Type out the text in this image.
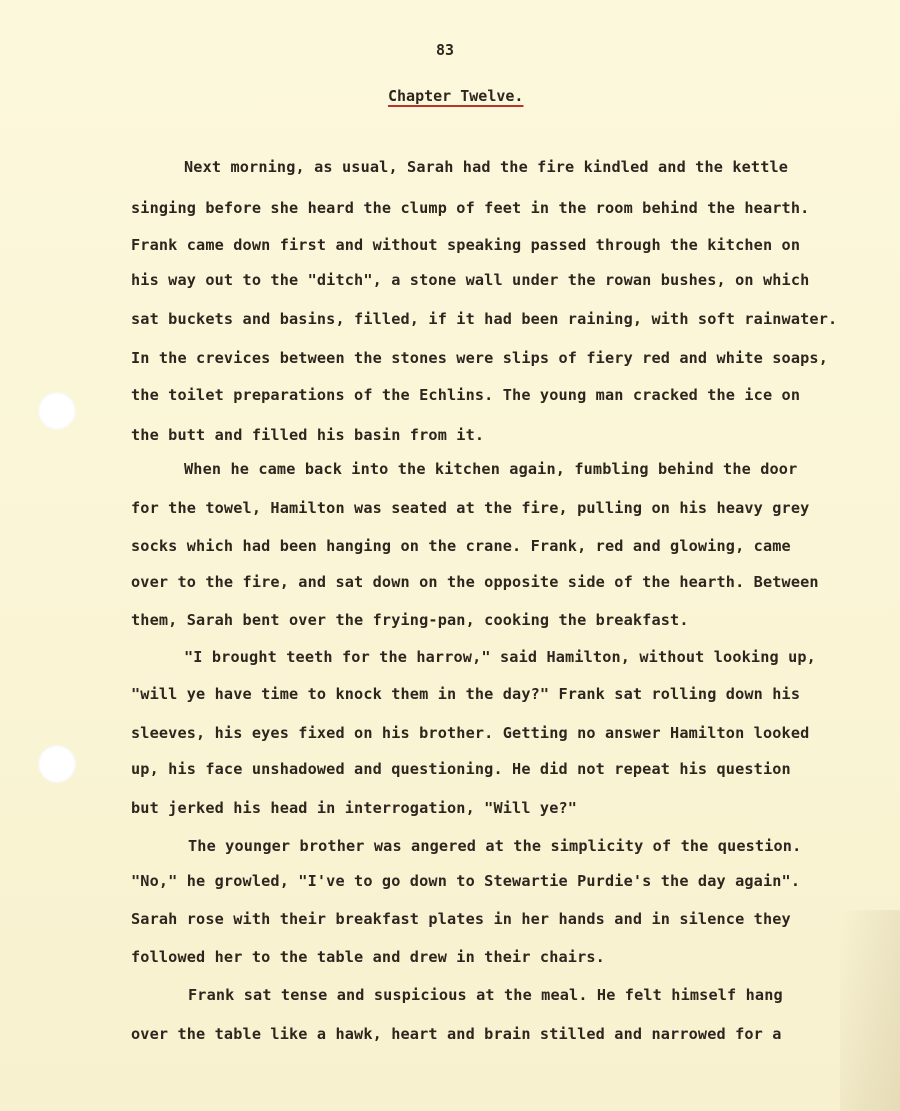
83
Chapter Twelve.
Next morning, as usual, Sarah had the fire kindled and the kettle
singing before she heard the clump of feet in the room behind the hearth.
Frank came down first and without speaking passed through the kitchen on
his way out to the "ditch", a stone wall under the rowan bushes, on which
sat buckets and basins, filled, if it had been raining, with soft rainwater.
In the crevices between the stones were slips of fiery red and white soaps,
the toilet preparations of the Echlins. The young man cracked the ice on
the butt and filled his basin from it.
When he came back into the kitchen again, fumbling behind the door
for the towel, Hamilton was seated at the fire, pulling on his heavy grey
socks which had been hanging on the crane. Frank, red and glowing, came
over to the fire, and sat down on the opposite side of the hearth. Between
them, Sarah bent over the frying-pan, cooking the breakfast.
"I brought teeth for the harrow," said Hamilton, without looking up,
"will ye have time to knock them in the day?" Frank sat rolling down his
sleeves, his eyes fixed on his brother. Getting no answer Hamilton looked
up, his face unshadowed and questioning. He did not repeat his question
but jerked his head in interrogation, "Will ye?"
The younger brother was angered at the simplicity of the question.
"No," he growled, "I've to go down to Stewartie Purdie's the day again".
Sarah rose with their breakfast plates in her hands and in silence they
followed her to the table and drew in their chairs.
Frank sat tense and suspicious at the meal. He felt himself hang
over the table like a hawk, heart and brain stilled and narrowed for a
